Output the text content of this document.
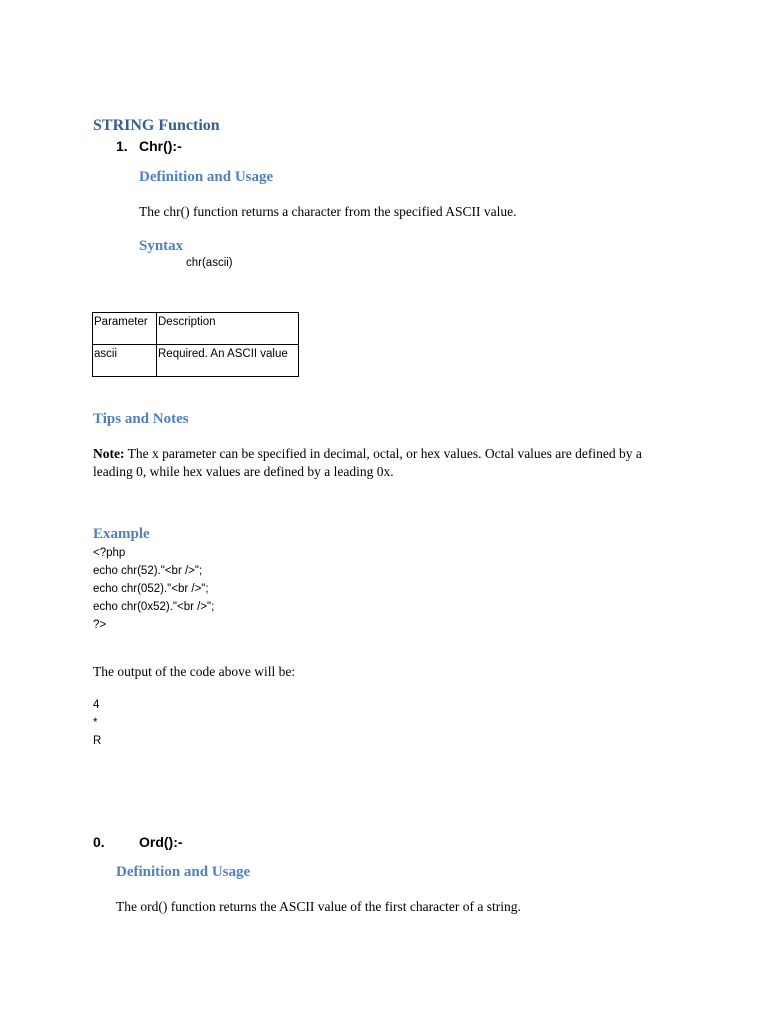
STRING Function
1. Chr():-
Definition and Usage

The chr() function returns a character from the specified ASCII value.

Syntax
chr(ascii)
Parameter	Description
ascii	Required. An ASCII value
Tips and Notes

Note: The x parameter can be specified in decimal, octal, or hex values. Octal values are defined by a leading 0, while hex values are defined by a leading 0x.

Example
<?php
echo chr(52)."<br />";
echo chr(052)."<br />";
echo chr(0x52)."<br />";
?>

The output of the code above will be:

4
*
R
0. Ord():-
Definition and Usage

The ord() function returns the ASCII value of the first character of a string.
